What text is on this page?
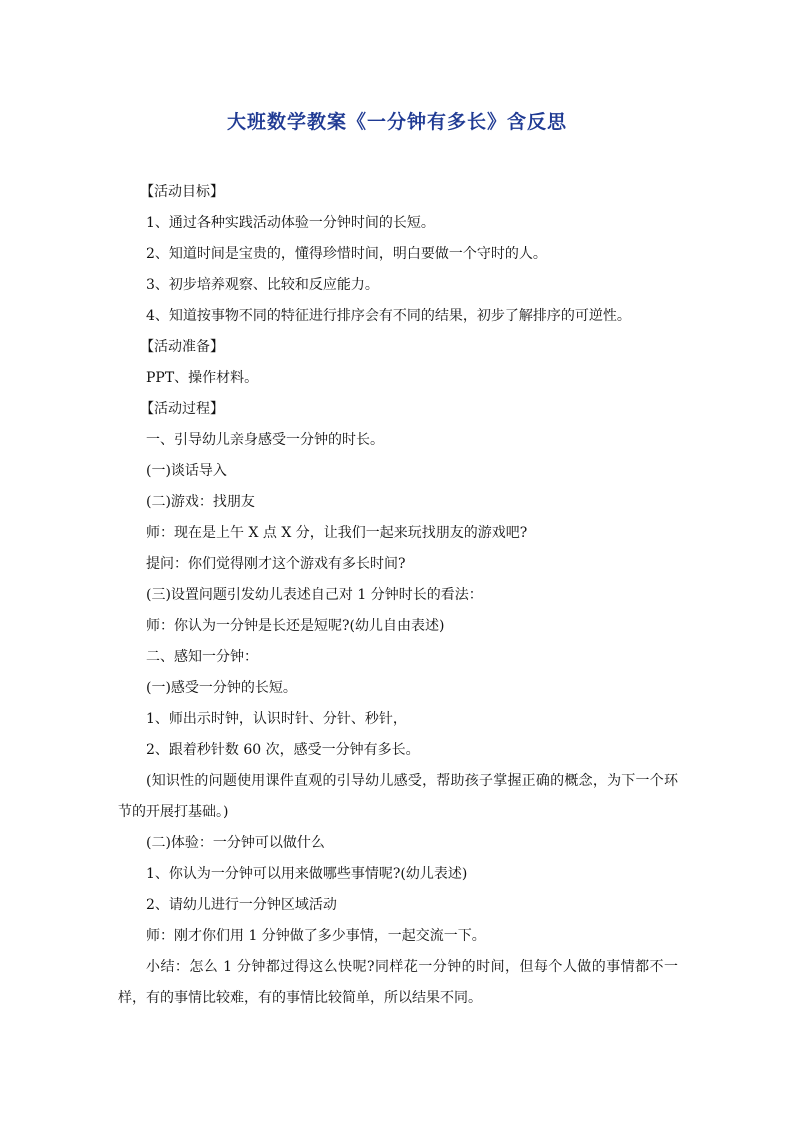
大班数学教案《一分钟有多长》含反思
【活动目标】
1、通过各种实践活动体验一分钟时间的长短。
2、知道时间是宝贵的，懂得珍惜时间，明白要做一个守时的人。
3、初步培养观察、比较和反应能力。
4、知道按事物不同的特征进行排序会有不同的结果，初步了解排序的可逆性。
【活动准备】
PPT、操作材料。
【活动过程】
一、引导幼儿亲身感受一分钟的时长。
(一)谈话导入
(二)游戏：找朋友
师：现在是上午 X 点 X 分，让我们一起来玩找朋友的游戏吧?
提问：你们觉得刚才这个游戏有多长时间?
(三)设置问题引发幼儿表述自己对 1 分钟时长的看法：
师：你认为一分钟是长还是短呢?(幼儿自由表述)
二、感知一分钟：
(一)感受一分钟的长短。
1、师出示时钟，认识时针、分针、秒针，
2、跟着秒针数 60 次，感受一分钟有多长。
(知识性的问题使用课件直观的引导幼儿感受，帮助孩子掌握正确的概念，为下一个环节的开展打基础。)
(二)体验：一分钟可以做什么
1、你认为一分钟可以用来做哪些事情呢?(幼儿表述)
2、请幼儿进行一分钟区域活动
师：刚才你们用 1 分钟做了多少事情，一起交流一下。
小结：怎么 1 分钟都过得这么快呢?同样花一分钟的时间，但每个人做的事情都不一样，有的事情比较难，有的事情比较简单，所以结果不同。
